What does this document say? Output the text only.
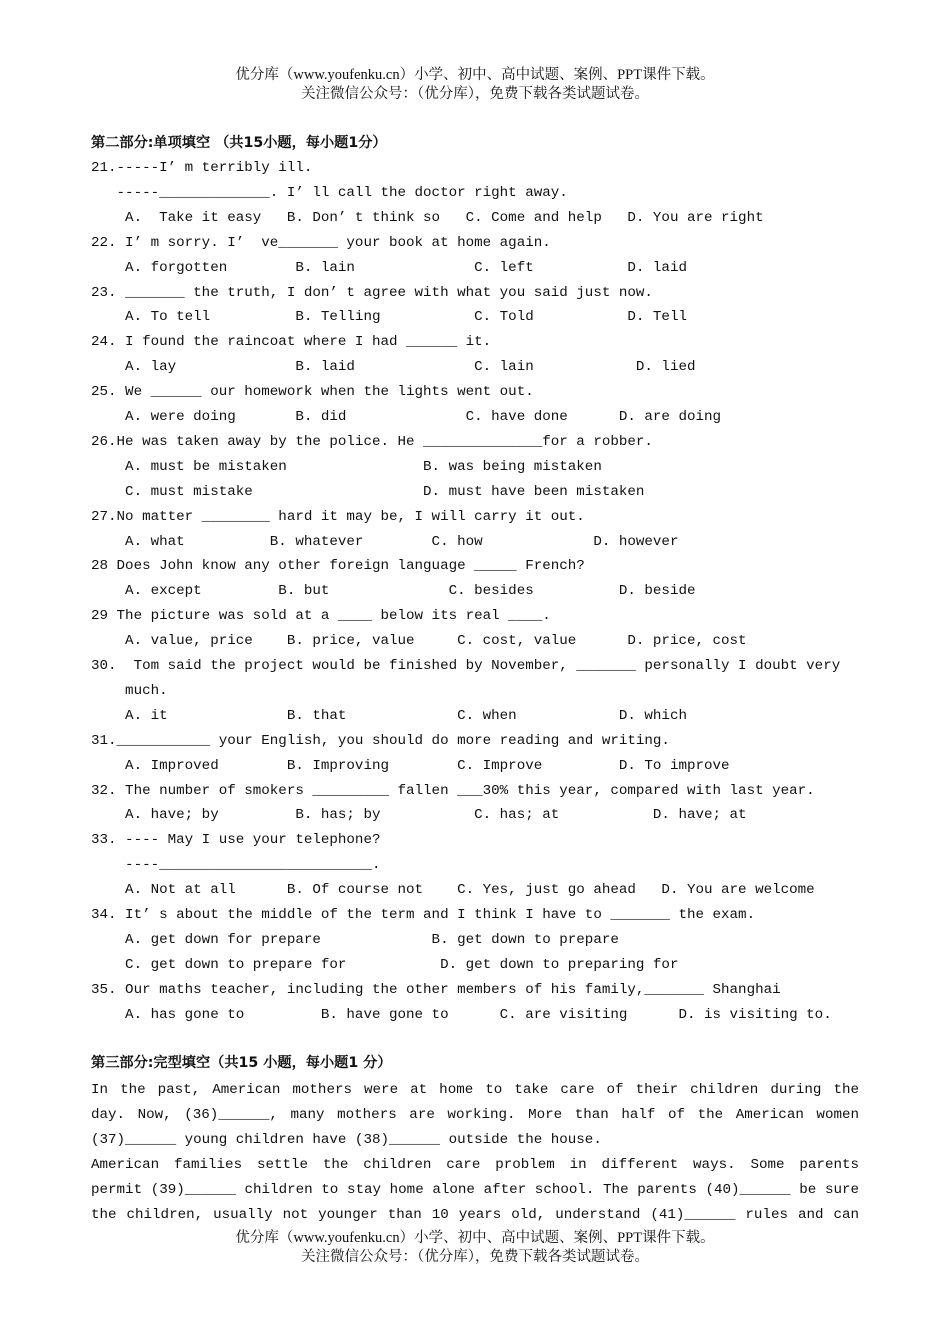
优分库（www.youfenku.cn）小学、初中、高中试题、案例、PPT课件下载。
关注微信公众号：（优分库），免费下载各类试题试卷。
第二部分:单项填空 （共15小题，每小题1分）
21.-----I’ m terribly ill.
-----_____________. I’ ll call the doctor right away.
A.  Take it easy   B. Don’ t think so   C. Come and help   D. You are right
22. I’ m sorry. I’  ve_______ your book at home again.
A. forgotten        B. lain              C. left           D. laid
23. _______ the truth, I don’ t agree with what you said just now.
A. To tell          B. Telling           C. Told           D. Tell
24. I found the raincoat where I had ______ it.
A. lay              B. laid              C. lain            D. lied
25. We ______ our homework when the lights went out.
A. were doing       B. did              C. have done      D. are doing
26.He was taken away by the police. He ______________for a robber.
A. must be mistaken                B. was being mistaken
C. must mistake                    D. must have been mistaken
27.No matter ________ hard it may be, I will carry it out.
A. what          B. whatever        C. how             D. however
28 Does John know any other foreign language _____ French?
A. except         B. but              C. besides          D. beside
29 The picture was sold at a ____ below its real ____.
A. value, price    B. price, value     C. cost, value      D. price, cost
30.  Tom said the project would be finished by November, _______ personally I doubt very
much.
A. it              B. that             C. when            D. which
31.___________ your English, you should do more reading and writing.
A. Improved        B. Improving        C. Improve         D. To improve
32. The number of smokers _________ fallen ___30% this year, compared with last year.
A. have; by         B. has; by           C. has; at           D. have; at
33. ---- May I use your telephone?
----_________________________.
A. Not at all      B. Of course not    C. Yes, just go ahead   D. You are welcome
34. It’ s about the middle of the term and I think I have to _______ the exam.
A. get down for prepare             B. get down to prepare
C. get down to prepare for           D. get down to preparing for
35. Our maths teacher, including the other members of his family,_______ Shanghai
A. has gone to         B. have gone to      C. are visiting      D. is visiting to.
第三部分:完型填空（共15 小题，每小题1 分）
In the past, American mothers were at home to take care of their children during the
day. Now, (36)______, many mothers are working. More than half of the American women
(37)______ young children have (38)______ outside the house.
American families settle the children care problem in different ways. Some parents
permit (39)______ children to stay home alone after school. The parents (40)______ be sure
the children, usually not younger than 10 years old, understand (41)______ rules and can
优分库（www.youfenku.cn）小学、初中、高中试题、案例、PPT课件下载。
关注微信公众号：（优分库），免费下载各类试题试卷。
